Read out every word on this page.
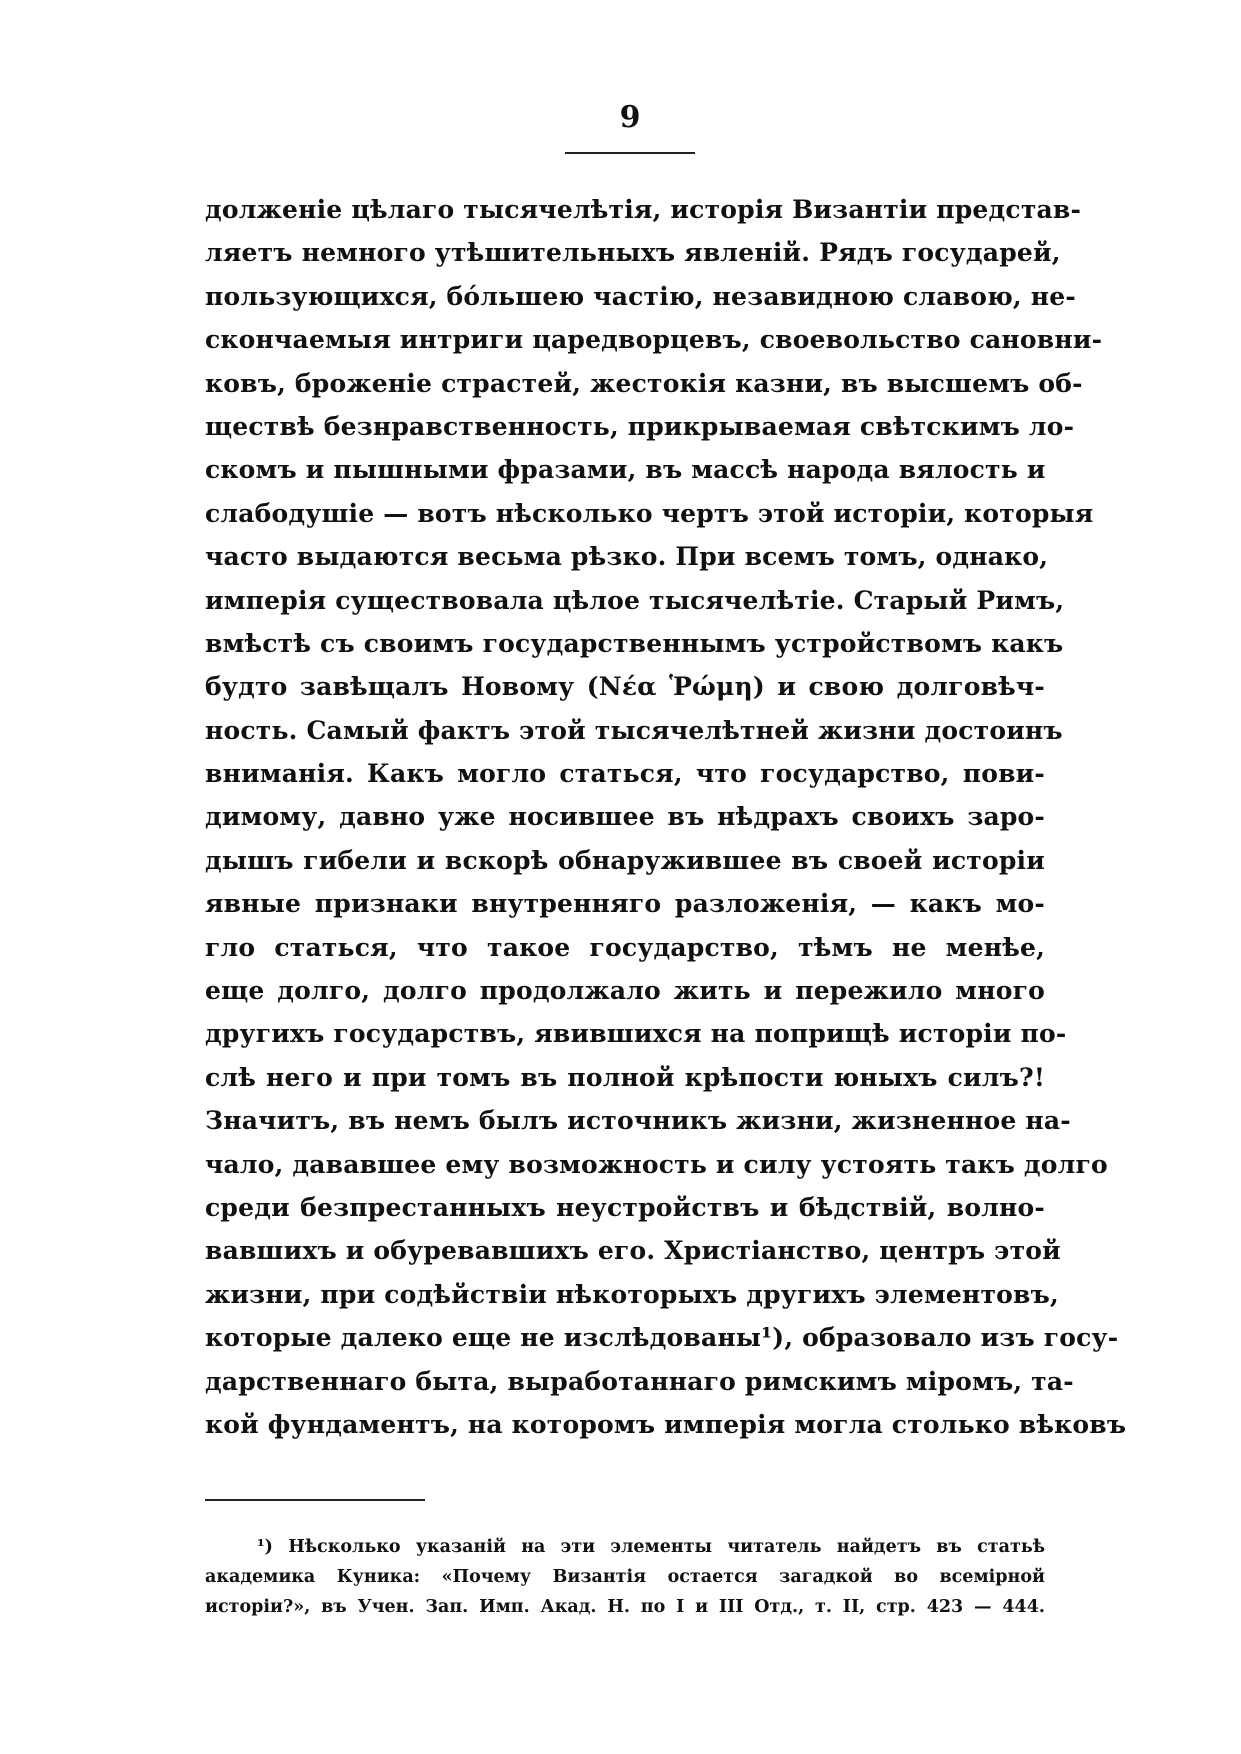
9
долженіе цѣлаго тысячелѣтія, исторія Византіи представ-
ляетъ немного утѣшительныхъ явленій. Рядъ государей,
пользующихся, бóльшею частію, незавидною славою, не-
скончаемыя интриги царедворцевъ, своевольство сановни-
ковъ, броженіе страстей, жестокія казни, въ высшемъ об-
ществѣ безнравственность, прикрываемая свѣтскимъ ло-
скомъ и пышными фразами, въ массѣ народа вялость и
слабодушіе — вотъ нѣсколько чертъ этой исторіи, которыя
часто выдаются весьма рѣзко. При всемъ томъ, однако,
имперія существовала цѣлое тысячелѣтіе. Старый Римъ,
вмѣстѣ съ своимъ государственнымъ устройствомъ какъ
будто завѣщалъ Новому (Νέα Ῥώμη) и свою долговѣч-
ность. Самый фактъ этой тысячелѣтней жизни достоинъ
вниманія. Какъ могло статься, что государство, пови-
димому, давно уже носившее въ нѣдрахъ своихъ заро-
дышъ гибели и вскорѣ обнаружившее въ своей исторіи
явные признаки внутренняго разложенія, — какъ мо-
гло статься, что такое государство, тѣмъ не менѣе,
еще долго, долго продолжало жить и пережило много
другихъ государствъ, явившихся на поприщѣ исторіи по-
слѣ него и при томъ въ полной крѣпости юныхъ силъ?!
Значитъ, въ немъ былъ источникъ жизни, жизненное на-
чало, дававшее ему возможность и силу устоять такъ долго
среди безпрестанныхъ неустройствъ и бѣдствій, волно-
вавшихъ и обуревавшихъ его. Христіанство, центръ этой
жизни, при содѣйствіи нѣкоторыхъ другихъ элементовъ,
которые далеко еще не изслѣдованы¹), образовало изъ госу-
дарственнаго быта, выработаннаго римскимъ міромъ, та-
кой фундаментъ, на которомъ имперія могла столько вѣковъ
¹) Нѣсколько указаній на эти элементы читатель найдетъ въ статьѣ
академика Куника: «Почему Византія остается загадкой во всемірной
исторіи?», въ Учен. Зап. Имп. Акад. Н. по I и III Отд., т. II, стр. 423 — 444.
